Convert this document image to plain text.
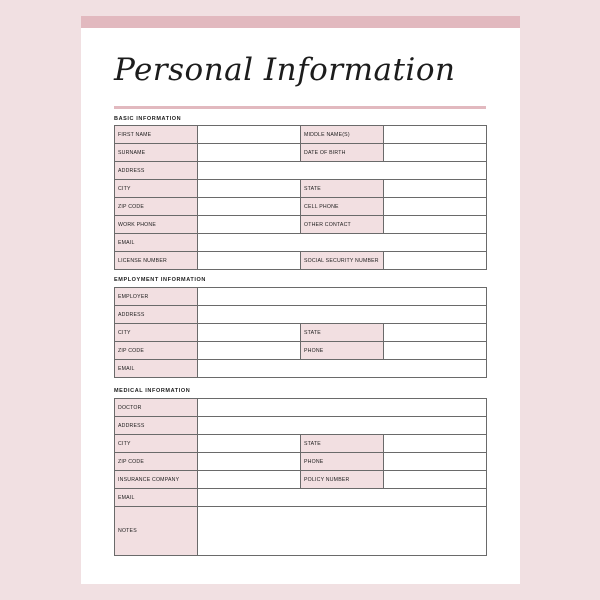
Personal Information
BASIC INFORMATION
FIRST NAME		MIDDLE NAME(S)	
SURNAME		DATE OF BIRTH	
ADDRESS			
CITY		STATE	
ZIP CODE		CELL PHONE	
WORK PHONE		OTHER CONTACT	
EMAIL			
LICENSE NUMBER		SOCIAL SECURITY NUMBER	
EMPLOYMENT INFORMATION
EMPLOYER			
ADDRESS			
CITY		STATE	
ZIP CODE		PHONE	
EMAIL			
MEDICAL INFORMATION
DOCTOR			
ADDRESS			
CITY		STATE	
ZIP CODE		PHONE	
INSURANCE COMPANY		POLICY NUMBER	
EMAIL			
NOTES			
